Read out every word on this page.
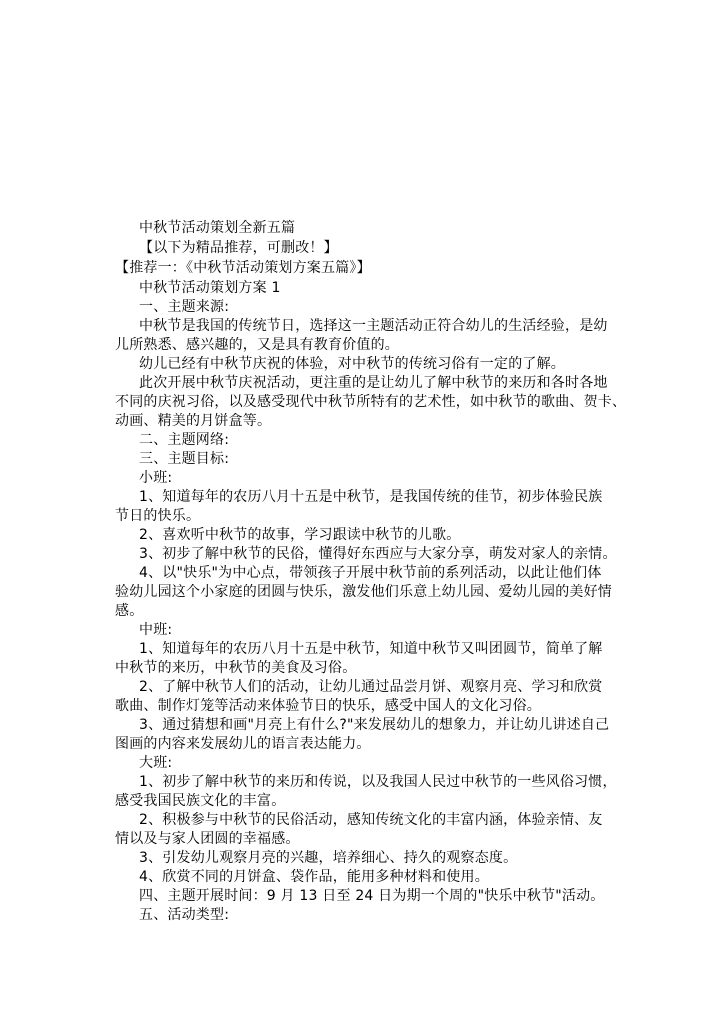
中秋节活动策划全新五篇
【以下为精品推荐，可删改！】
【推荐一：《中秋节活动策划方案五篇》】
中秋节活动策划方案 1
一、主题来源:
中秋节是我国的传统节日，选择这一主题活动正符合幼儿的生活经验，是幼
儿所熟悉、感兴趣的，又是具有教育价值的。
幼儿已经有中秋节庆祝的体验，对中秋节的传统习俗有一定的了解。
此次开展中秋节庆祝活动，更注重的是让幼儿了解中秋节的来历和各时各地
不同的庆祝习俗，以及感受现代中秋节所特有的艺术性，如中秋节的歌曲、贺卡、
动画、精美的月饼盒等。
二、主题网络:
三、主题目标:
小班:
1、知道每年的农历八月十五是中秋节，是我国传统的佳节，初步体验民族
节日的快乐。
2、喜欢听中秋节的故事，学习跟读中秋节的儿歌。
3、初步了解中秋节的民俗，懂得好东西应与大家分享，萌发对家人的亲情。
4、以"快乐"为中心点，带领孩子开展中秋节前的系列活动，以此让他们体
验幼儿园这个小家庭的团圆与快乐，激发他们乐意上幼儿园、爱幼儿园的美好情
感。
中班:
1、知道每年的农历八月十五是中秋节，知道中秋节又叫团圆节，简单了解
中秋节的来历，中秋节的美食及习俗。
2、了解中秋节人们的活动，让幼儿通过品尝月饼、观察月亮、学习和欣赏
歌曲、制作灯笼等活动来体验节日的快乐，感受中国人的文化习俗。
3、通过猜想和画"月亮上有什么?"来发展幼儿的想象力，并让幼儿讲述自己
图画的内容来发展幼儿的语言表达能力。
大班:
1、初步了解中秋节的来历和传说，以及我国人民过中秋节的一些风俗习惯，
感受我国民族文化的丰富。
2、积极参与中秋节的民俗活动，感知传统文化的丰富内涵，体验亲情、友
情以及与家人团圆的幸福感。
3、引发幼儿观察月亮的兴趣，培养细心、持久的观察态度。
4、欣赏不同的月饼盒、袋作品，能用多种材料和使用。
四、主题开展时间：9 月 13 日至 24 日为期一个周的"快乐中秋节"活动。
五、活动类型:
